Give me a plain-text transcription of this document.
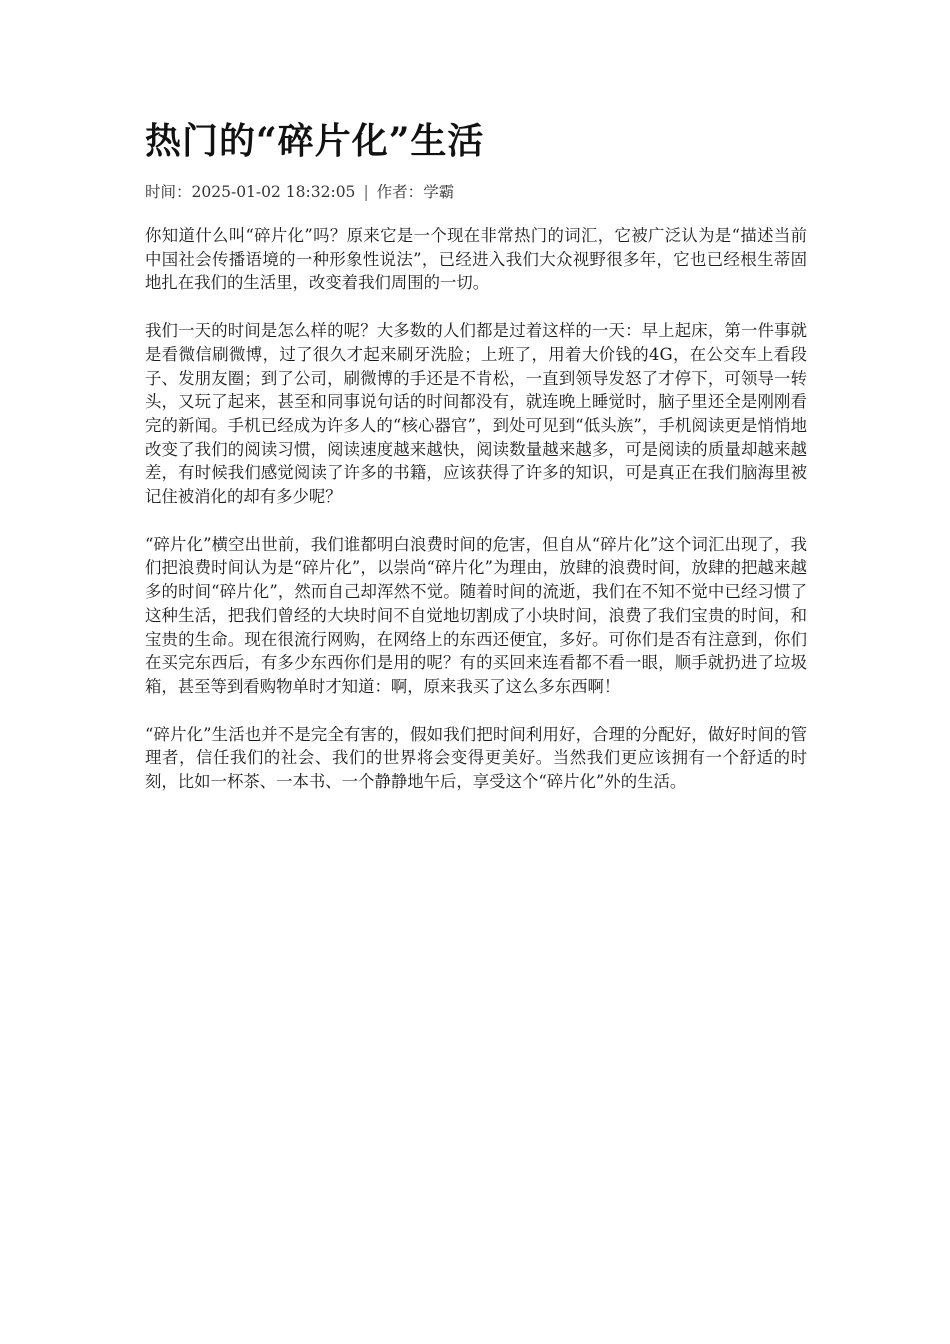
热门的“碎片化”生活
时间：2025-01-02 18:32:05 | 作者：学霸

你知道什么叫“碎片化”吗？原来它是一个现在非常热门的词汇，它被广泛认为是“描述当前中国社会传播语境的一种形象性说法”，已经进入我们大众视野很多年，它也已经根生蒂固地扎在我们的生活里，改变着我们周围的一切。

我们一天的时间是怎么样的呢？大多数的人们都是过着这样的一天：早上起床，第一件事就是看微信刷微博，过了很久才起来刷牙洗脸；上班了，用着大价钱的4G，在公交车上看段子、发朋友圈；到了公司，刷微博的手还是不肯松，一直到领导发怒了才停下，可领导一转头，又玩了起来，甚至和同事说句话的时间都没有，就连晚上睡觉时，脑子里还全是刚刚看完的新闻。手机已经成为许多人的“核心器官”，到处可见到“低头族”，手机阅读更是悄悄地改变了我们的阅读习惯，阅读速度越来越快，阅读数量越来越多，可是阅读的质量却越来越差，有时候我们感觉阅读了许多的书籍，应该获得了许多的知识，可是真正在我们脑海里被记住被消化的却有多少呢？

“碎片化”横空出世前，我们谁都明白浪费时间的危害，但自从“碎片化”这个词汇出现了，我们把浪费时间认为是“碎片化”，以崇尚“碎片化”为理由，放肆的浪费时间，放肆的把越来越多的时间“碎片化”，然而自己却浑然不觉。随着时间的流逝，我们在不知不觉中已经习惯了这种生活，把我们曾经的大块时间不自觉地切割成了小块时间，浪费了我们宝贵的时间，和宝贵的生命。现在很流行网购，在网络上的东西还便宜，多好。可你们是否有注意到，你们在买完东西后，有多少东西你们是用的呢？有的买回来连看都不看一眼，顺手就扔进了垃圾箱，甚至等到看购物单时才知道：啊，原来我买了这么多东西啊！

“碎片化”生活也并不是完全有害的，假如我们把时间利用好，合理的分配好，做好时间的管理者，信任我们的社会、我们的世界将会变得更美好。当然我们更应该拥有一个舒适的时刻，比如一杯茶、一本书、一个静静地午后，享受这个“碎片化”外的生活。
